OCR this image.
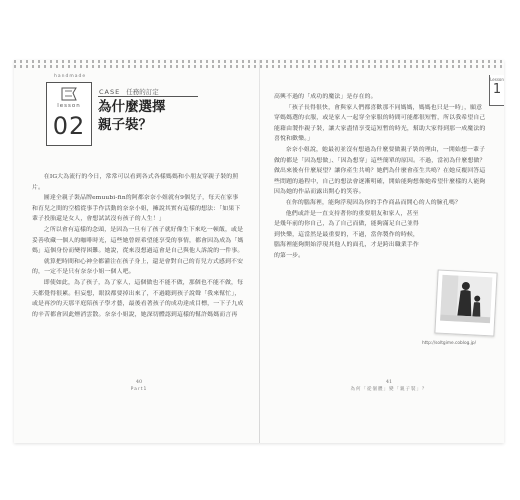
handmade
lesson
02
CASE 任務的訂定
為什麼選擇
親子裝？

在IG大為流行的今日，常常可以看到各式各樣媽媽和小朋友穿親子裝的照片。

圖達全親子裝品牌emuubi-fin的阿都奈奈小姐就有9個兒子，每天在家事和育兒之間的空檔從事手作活動的奈奈小姐，擁說其實有這樣的想法：「如果下輩子投胎還是女人，會想試試沒有孩子的人生！」

之所以會有這樣的念頭，是因為一旦有了孩子就好像生下來吃一顿飯，或是妥善收藏一個人的咖啡時光，這些她曾經希望能享受的事情，都會因為成為「媽媽」這個身份而變得困難。她說，從來沒想過這會是自己與他人訴說的一件事。

就算把時間和心神全都灌注在孩子身上，還是會對自己的育兒方式感到不安的，一定不是只有奈奈小姐一個人吧。

即使如此，為了孩子，為了家人，這個做也不能不做，那個也不能不做，每天都覺得很累。但妄想，眼淚都要掉出來了，不過聽到孩子說聲「我來幫忙」，或是再沙的天那平庭陪孩子學才藝，最後看著孩子的成功達成目標，一下子九成的辛苦都會因此煙消雲散。奈奈小姐說，她深切體認到這樣的幫許媽媽而言再

40
Part1
Lesson
1

高興不過的「成功的魔法」是存在的。

「孩子長得很快，會與家人們都喜歡那不同媽媽，媽媽也只是一時」，願意穿媽媽選的衣服，或是家人一起穿全家服的時間可能都很短暫，所以我希望自己能藉由製作親子裝，讓大家盡情享受這短暫的時光，幫助大家得到那一成魔法的喜悅和歡樂。」

奈奈小姐說，她最初並沒有想過為什麼要做親子裝的理由，一開始想一輩子做的都是「因為想做」、「因為想穿」這些簡單的原因。不過，當初為什麼想做？做出來後有什麼展望？讓你產生共鳴？她們為什麼會產生共鳴？在她反覆回答這些問題的過程中，自己的想法會逐漸明確，開始能夠想像她希望什麼樣的人能夠因為她的作品而露出開心的笑容。

在你的腦海裡，能夠浮現因為你的手作商品而開心的人的臉孔嗎？

他們或許是一直支持著你的重要朋友和家人，甚至是幾年前的你自己，為了自己而做，能夠滿足自己並得到快樂，這當然是最重要的，不過，當你製作的時候，腦海裡能夠開始浮現其他人的面孔，才是跨出職業手作的第一步。

http://soltgime.coblog.jp/
41
為何「從個體」變「親子裝」？
